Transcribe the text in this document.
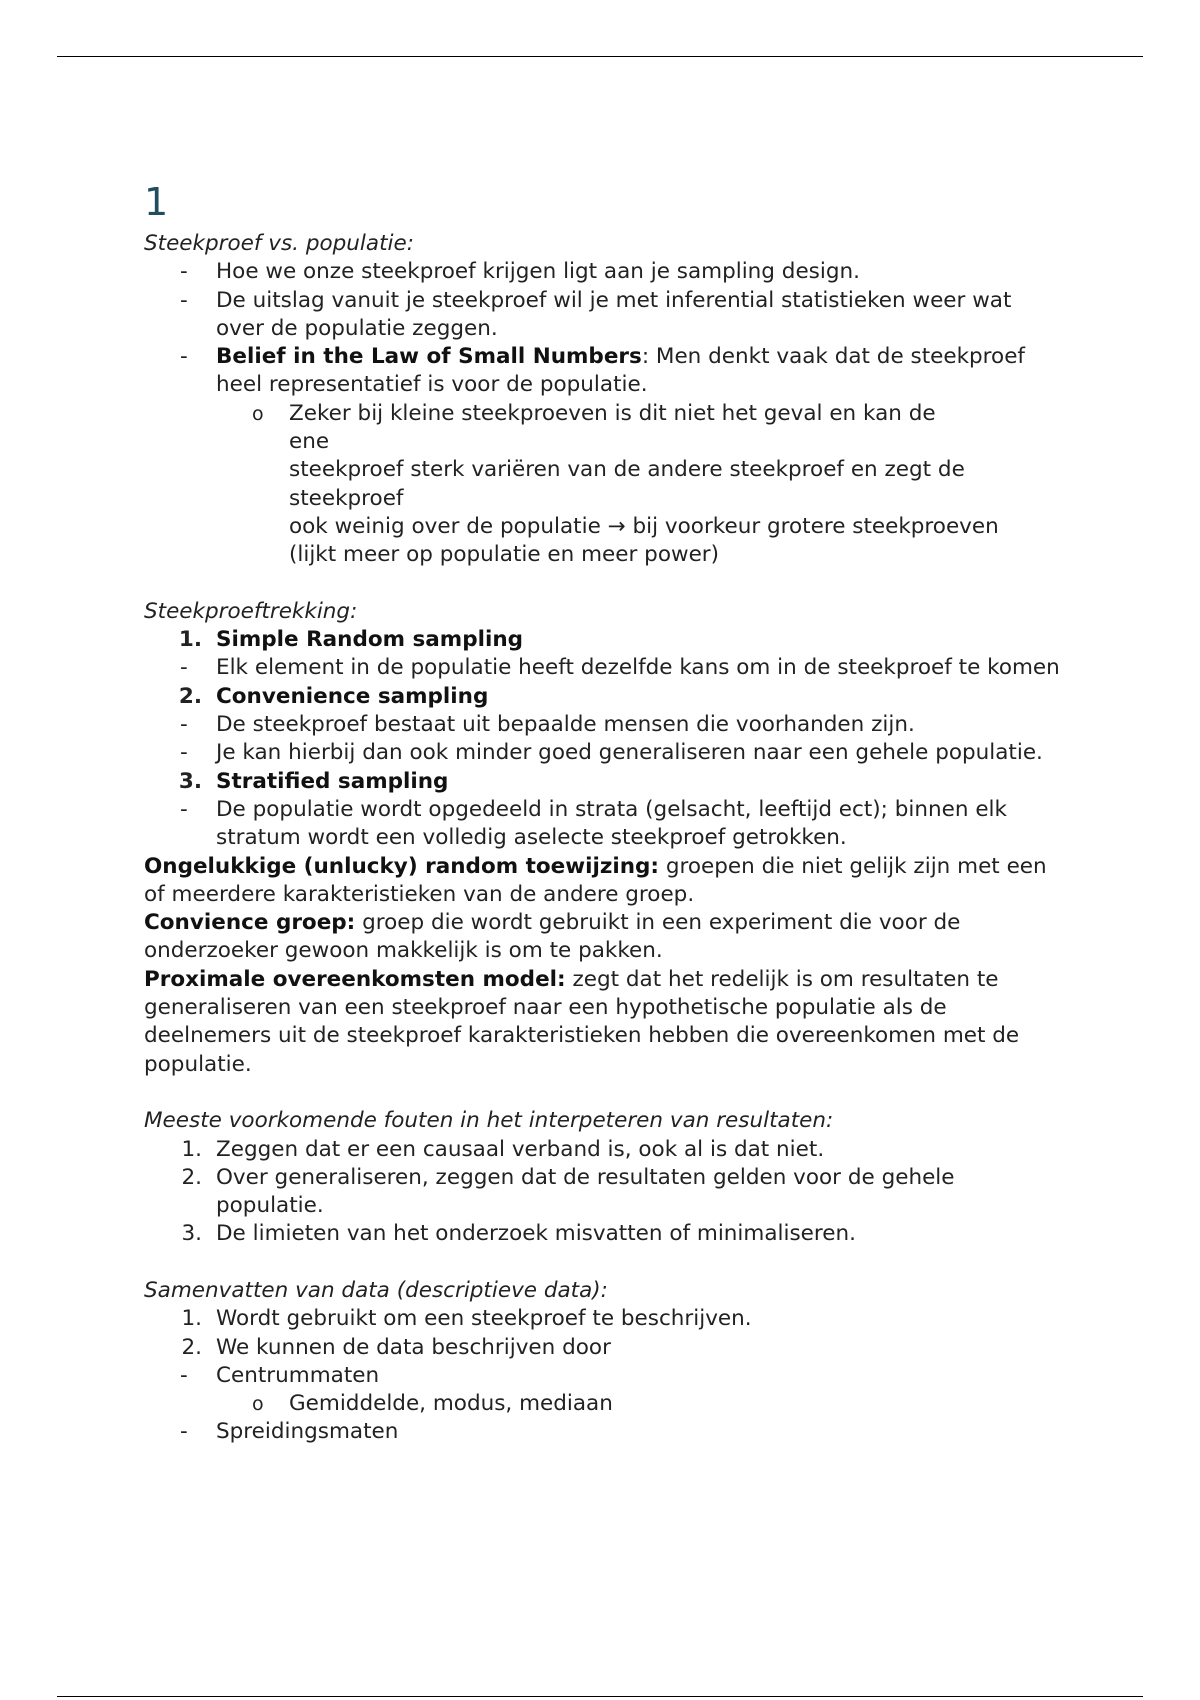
1
Steekproef vs. populatie:
-	Hoe we onze steekproef krijgen ligt aan je sampling design.
-	De uitslag vanuit je steekproef wil je met inferential statistieken weer wat over de populatie zeggen.
-	Belief in the Law of Small Numbers: Men denkt vaak dat de steekproef heel representatief is voor de populatie.
o Zeker bij kleine steekproeven is dit niet het geval en kan de
ene
steekproef sterk variëren van de andere steekproef en zegt de
steekproef
ook weinig over de populatie → bij voorkeur grotere steekproeven (lijkt meer op populatie en meer power)
Steekproeftrekking:
1. Simple Random sampling
-	Elk element in de populatie heeft dezelfde kans om in de steekproef te komen
2. Convenience sampling
-	De steekproef bestaat uit bepaalde mensen die voorhanden zijn.
-	Je kan hierbij dan ook minder goed generaliseren naar een gehele populatie.
3. Stratified sampling
-	De populatie wordt opgedeeld in strata (gelsacht, leeftijd ect); binnen elk stratum wordt een volledig aselecte steekproef getrokken.
Ongelukkige (unlucky) random toewijzing: groepen die niet gelijk zijn met een of meerdere karakteristieken van de andere groep.
Convience groep: groep die wordt gebruikt in een experiment die voor de onderzoeker gewoon makkelijk is om te pakken.
Proximale overeenkomsten model: zegt dat het redelijk is om resultaten te generaliseren van een steekproef naar een hypothetische populatie als de deelnemers uit de steekproef karakteristieken hebben die overeenkomen met de populatie.
Meeste voorkomende fouten in het interpeteren van resultaten:
1. Zeggen dat er een causaal verband is, ook al is dat niet.
2. Over generaliseren, zeggen dat de resultaten gelden voor de gehele populatie.
3. De limieten van het onderzoek misvatten of minimaliseren.
Samenvatten van data (descriptieve data):
1. Wordt gebruikt om een steekproef te beschrijven.
2. We kunnen de data beschrijven door
-	Centrummaten
o Gemiddelde, modus, mediaan
-	Spreidingsmaten
